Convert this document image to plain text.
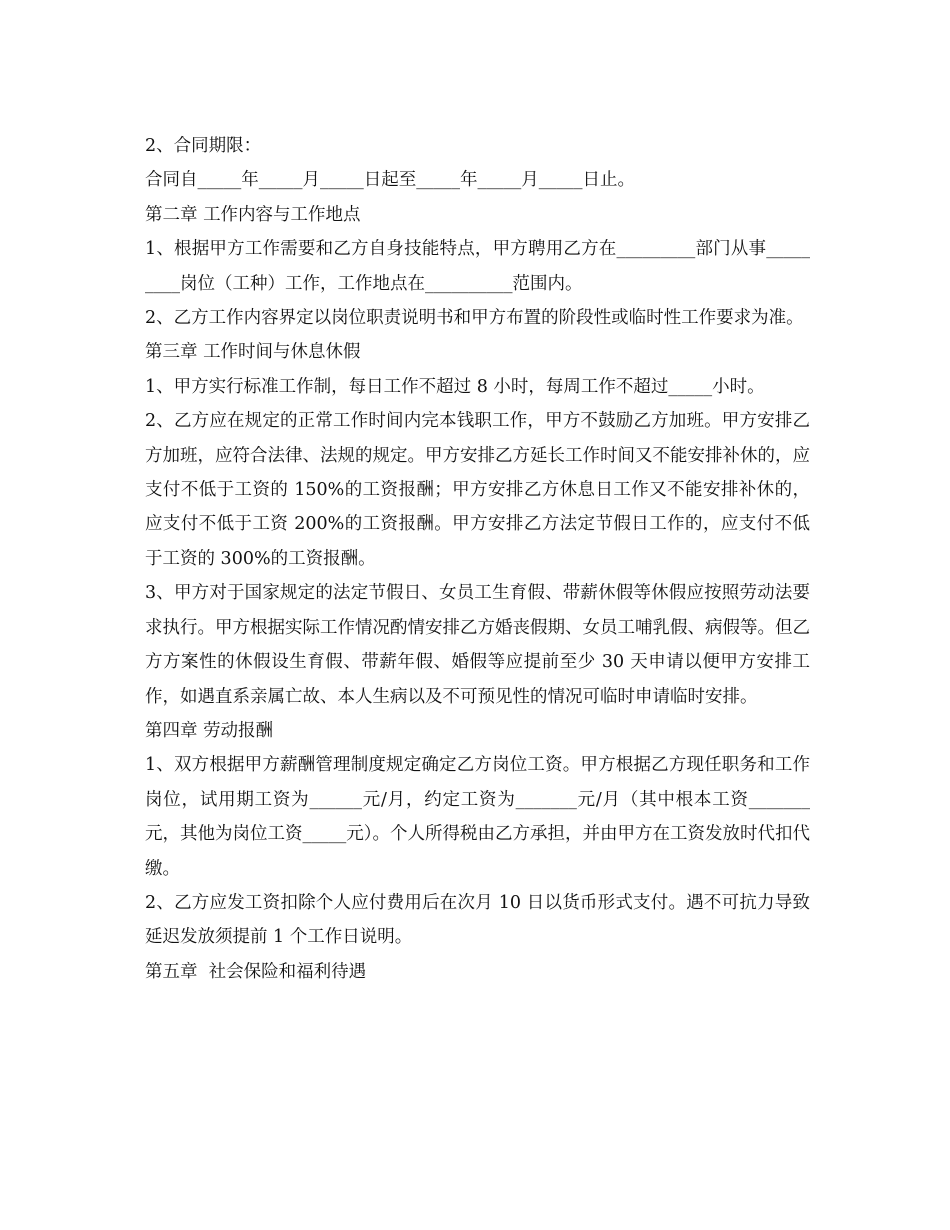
2、合同期限：

合同自_____年_____月_____日起至_____年_____月_____日止。

第二章 工作内容与工作地点

1、根据甲方工作需要和乙方自身技能特点，甲方聘用乙方在_________部门从事_________岗位（工种）工作，工作地点在__________范围内。

2、乙方工作内容界定以岗位职责说明书和甲方布置的阶段性或临时性工作要求为准。

第三章 工作时间与休息休假

1、甲方实行标准工作制，每日工作不超过 8 小时，每周工作不超过_____小时。

2、乙方应在规定的正常工作时间内完本钱职工作，甲方不鼓励乙方加班。甲方安排乙方加班，应符合法律、法规的规定。甲方安排乙方延长工作时间又不能安排补休的，应支付不低于工资的 150%的工资报酬；甲方安排乙方休息日工作又不能安排补休的，应支付不低于工资 200%的工资报酬。甲方安排乙方法定节假日工作的，应支付不低于工资的 300%的工资报酬。

3、甲方对于国家规定的法定节假日、女员工生育假、带薪休假等休假应按照劳动法要求执行。甲方根据实际工作情况酌情安排乙方婚丧假期、女员工哺乳假、病假等。但乙方方案性的休假设生育假、带薪年假、婚假等应提前至少 30 天申请以便甲方安排工作，如遇直系亲属亡故、本人生病以及不可预见性的情况可临时申请临时安排。

第四章 劳动报酬

1、双方根据甲方薪酬管理制度规定确定乙方岗位工资。甲方根据乙方现任职务和工作岗位，试用期工资为______元/月，约定工资为_______元/月（其中根本工资_______元，其他为岗位工资_____元）。个人所得税由乙方承担，并由甲方在工资发放时代扣代缴。

2、乙方应发工资扣除个人应付费用后在次月 10 日以货币形式支付。遇不可抗力导致延迟发放须提前 1 个工作日说明。

第五章  社会保险和福利待遇
